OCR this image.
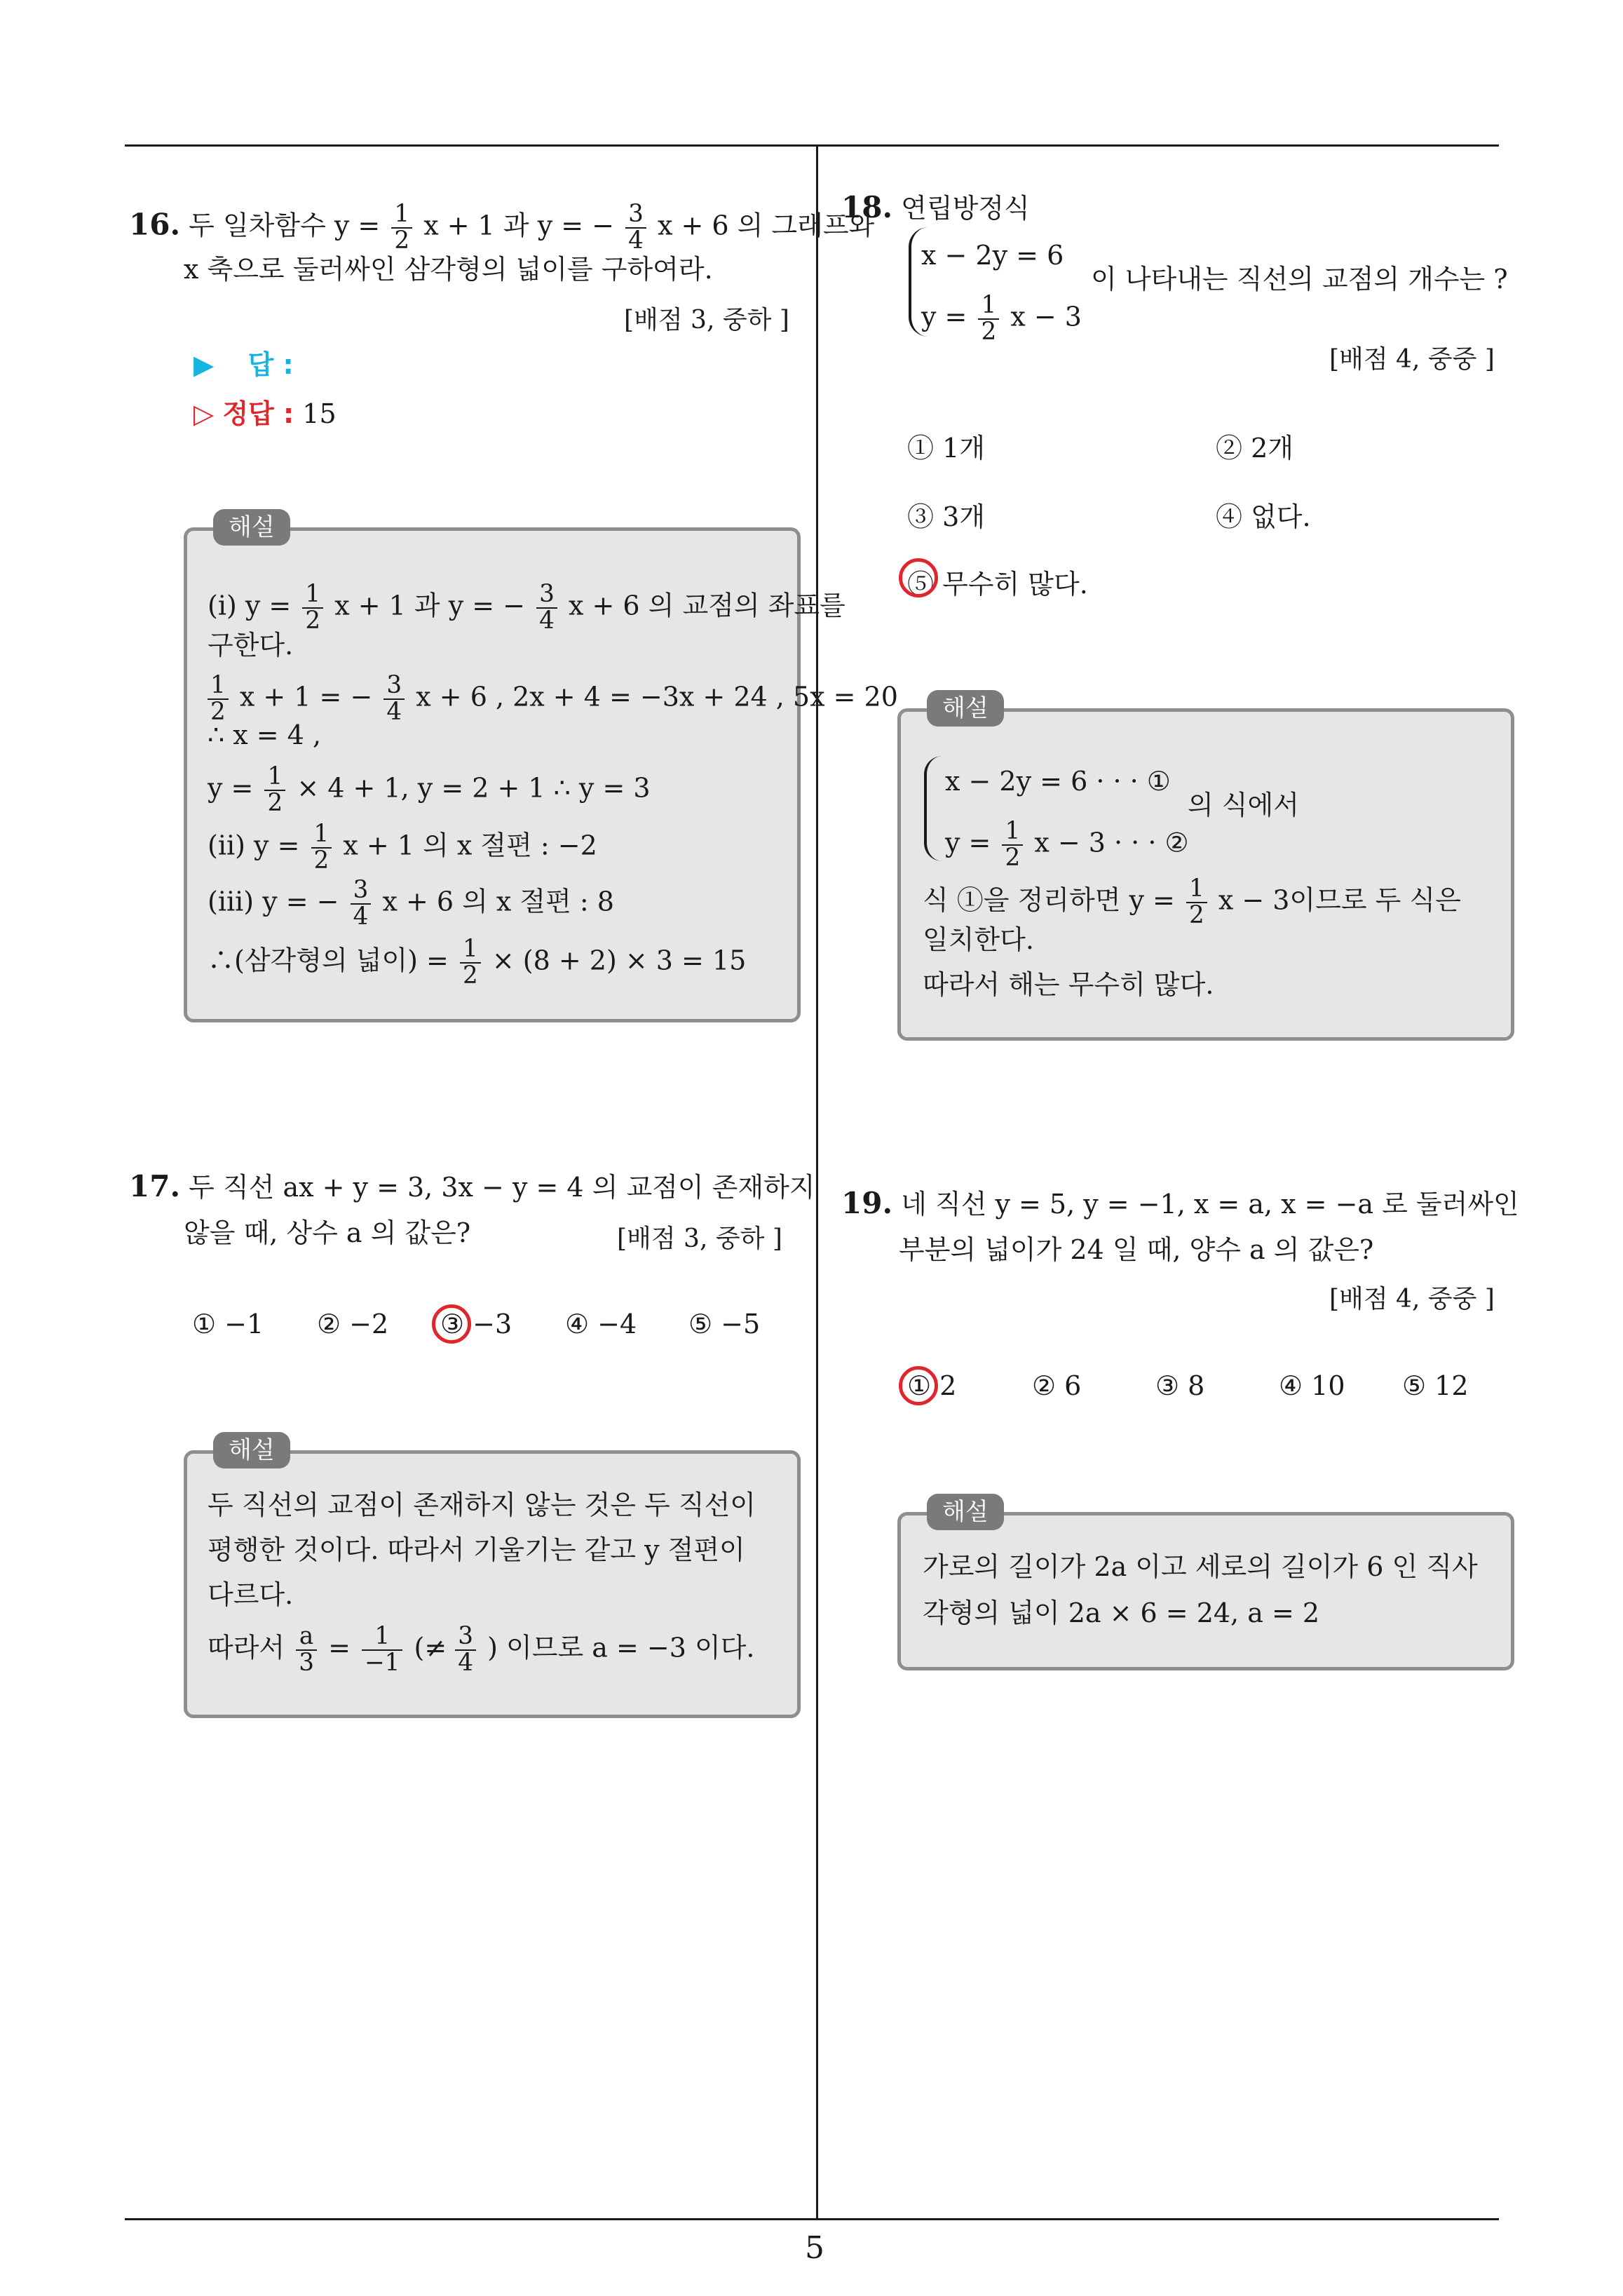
5
16. 두 일차함수 $y = \frac{1}{2}$ x + 1 과 y = − $\frac{3}{4}$ x + 6 의 그래프와
x 축으로 둘러싸인 삼각형의 넓이를 구하여라.
[배점 3, 중하 ]
▶ 답 :
▷ 정답 : 15
해설
(i) $y = \frac{1}{2}$ x + 1 과 y = − $\frac{3}{4}$ x + 6 의 교점의 좌표를
구한다.
$\frac{1}{2}$ x + 1 = − $\frac{3}{4}$ x + 6 , 2x + 4 = −3x + 24 , 5x = 20
∴ x = 4 ,
$y = \frac{1}{2} \times 4 + 1$, y = 2 + 1 ∴ y = 3
(ii) $y = \frac{1}{2}$ x + 1 의 x 절편 : −2
(iii) y = − $\frac{3}{4}$ x + 6 의 x 절편 : 8
∴(삼각형의 넓이) = $\frac{1}{2} \times (8 + 2) \times 3 = 15$
17. 두 직선 ax + y = 3, 3x − y = 4 의 교점이 존재하지
않을 때, 상수 a 의 값은?	[배점 3, 중하 ]
① −1 ② −2 ③ −3 ④ −4 ⑤ −5
해설
두 직선의 교점이 존재하지 않는 것은 두 직선이
평행한 것이다. 따라서 기울기는 같고 y 절편이
다르다.
따라서 $\frac{a}{3} = \frac{1}{-1}$ (≠ $\frac{3}{4}$ ) 이므로 a = −3 이다.
18. 연립방정식
x − 2y = 6
$y = \frac{1}{2}$ x − 3
이 나타내는 직선의 교점의 개수는 ?
[배점 4, 중중 ]
① 1개	② 2개
③ 3개	④ 없다.
⑤ 무수히 많다.
해설
x − 2y = 6 · · · ①
$y = \frac{1}{2}$ x − 3 · · · ②
의 식에서
식 ①을 정리하면 $y = \frac{1}{2}$ x − 3이므로 두 식은
일치한다.
따라서 해는 무수히 많다.
19. 네 직선 y = 5, y = −1, x = a, x = −a 로 둘러싸인
부분의 넓이가 24 일 때, 양수 a 의 값은?
[배점 4, 중중 ]
① 2	② 6	③ 8	④ 10 ⑤ 12
해설
가로의 길이가 2a 이고 세로의 길이가 6 인 직사
각형의 넓이 2a × 6 = 24, a = 2
